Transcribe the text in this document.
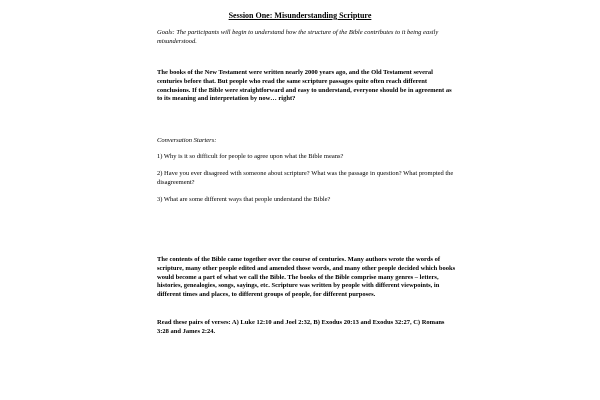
Session One: Misunderstanding Scripture

Goals: The participants will begin to understand how the structure of the Bible contributes to it being easily misunderstood.

The books of the New Testament were written nearly 2000 years ago, and the Old Testament several centuries before that. But people who read the same scripture passages quite often reach different conclusions. If the Bible were straightforward and easy to understand, everyone should be in agreement as to its meaning and interpretation by now… right?

Conversation Starters:

1) Why is it so difficult for people to agree upon what the Bible means?

2) Have you ever disagreed with someone about scripture? What was the passage in question? What prompted the disagreement?

3) What are some different ways that people understand the Bible?

The contents of the Bible came together over the course of centuries. Many authors wrote the words of scripture, many other people edited and amended those words, and many other people decided which books would become a part of what we call the Bible. The books of the Bible comprise many genres – letters, histories, genealogies, songs, sayings, etc. Scripture was written by people with different viewpoints, in different times and places, to different groups of people, for different purposes.

Read these pairs of verses: A) Luke 12:10 and Joel 2:32, B) Exodus 20:13 and Exodus 32:27, C) Romans 3:28 and James 2:24.
